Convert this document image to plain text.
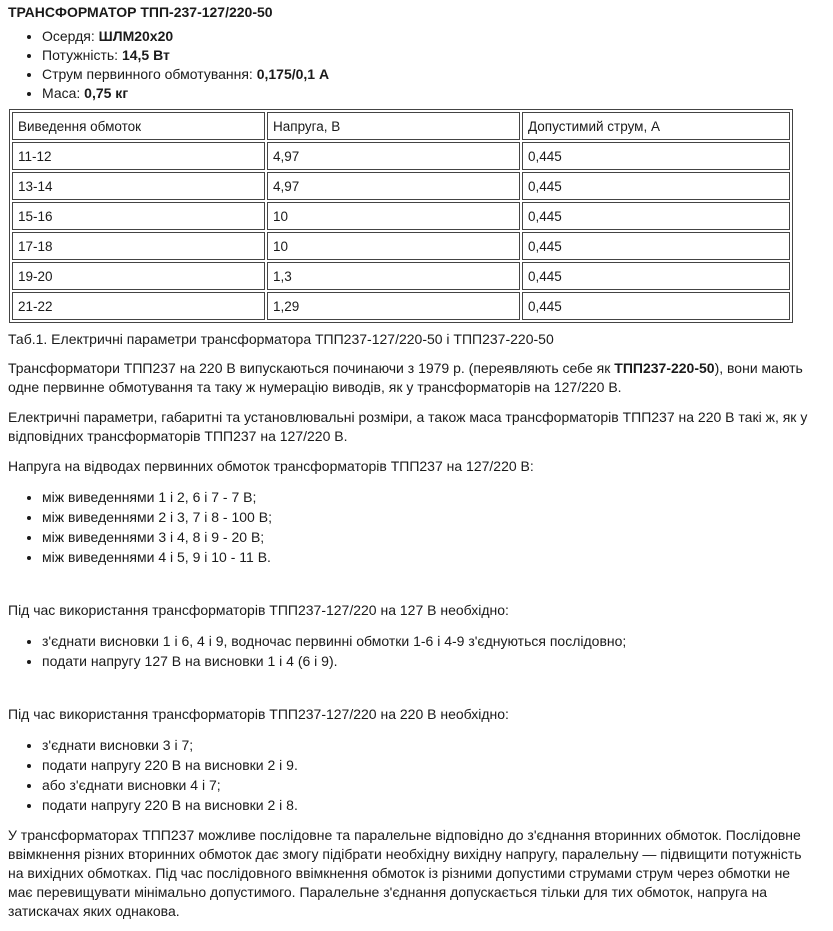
ТРАНСФОРМАТОР ТПП-237-127/220-50
• Осердя: ШЛМ20х20
• Потужність: 14,5 Вт
• Струм первинного обмотування: 0,175/0,1 А
• Маса: 0,75 кг
Виведення обмоток	Напруга, В	Допустимий струм, А
11-12	4,97	0,445
13-14	4,97	0,445
15-16	10	0,445
17-18	10	0,445
19-20	1,3	0,445
21-22	1,29	0,445
Таб.1. Електричні параметри трансформатора ТПП237-127/220-50 і ТПП237-220-50

Трансформатори ТПП237 на 220 В випускаються починаючи з 1979 р. (переявляють себе як ТПП237-220-50), вони мають одне первинне обмотування та таку ж нумерацію виводів, як у трансформаторів на 127/220 В.

Електричні параметри, габаритні та установлювальні розміри, а також маса трансформаторів ТПП237 на 220 В такі ж, як у відповідних трансформаторів ТПП237 на 127/220 В.

Напруга на відводах первинних обмоток трансформаторів ТПП237 на 127/220 В:

• між виведеннями 1 і 2, 6 і 7 - 7 В;
• між виведеннями 2 і 3, 7 і 8 - 100 В;
• між виведеннями 3 і 4, 8 і 9 - 20 В;
• між виведеннями 4 і 5, 9 і 10 - 11 В.

Під час використання трансформаторів ТПП237-127/220 на 127 В необхідно:

• з'єднати висновки 1 і 6, 4 і 9, водночас первинні обмотки 1-6 і 4-9 з'єднуються послідовно;
• подати напругу 127 В на висновки 1 і 4 (6 і 9).

Під час використання трансформаторів ТПП237-127/220 на 220 В необхідно:

• з'єднати висновки 3 і 7;
• подати напругу 220 В на висновки 2 і 9.
• або з'єднати висновки 4 і 7;
• подати напругу 220 В на висновки 2 і 8.

У трансформаторах ТПП237 можливе послідовне та паралельне відповідно до з'єднання вторинних обмоток. Послідовне ввімкнення різних вторинних обмоток дає змогу підібрати необхідну вихідну напругу, паралельну — підвищити потужність на вихідних обмотках. Під час послідовного ввімкнення обмоток із різними допустими струмами струм через обмотки не має перевищувати мінімально допустимого. Паралельне з'єднання допускається тільки для тих обмоток, напруга на затискачах яких однакова.
